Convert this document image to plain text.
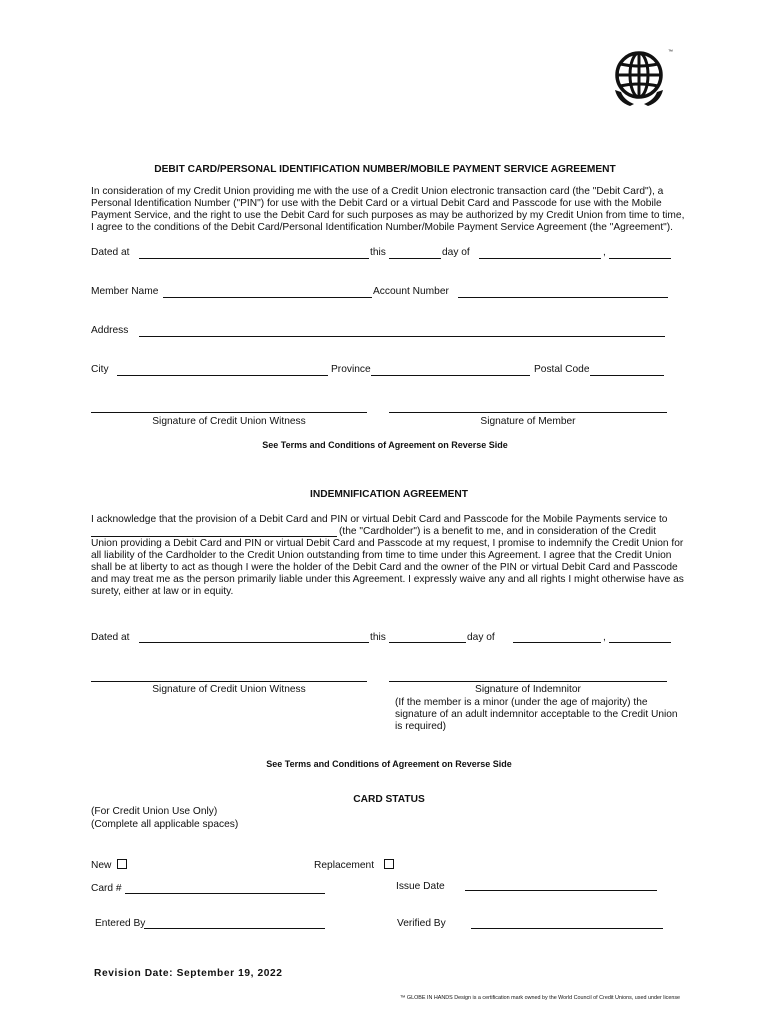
™
DEBIT CARD/PERSONAL IDENTIFICATION NUMBER/MOBILE PAYMENT SERVICE AGREEMENT
In consideration of my Credit Union providing me with the use of a Credit Union electronic transaction card (the "Debit Card"), a
Personal Identification Number ("PIN") for use with the Debit Card or a virtual Debit Card and Passcode for use with the Mobile
Payment Service, and the right to use the Debit Card for such purposes as may be authorized by my Credit Union from time to time,
I agree to the conditions of the Debit Card/Personal Identification Number/Mobile Payment Service Agreement (the "Agreement").
Dated at	this	day of	,
Member Name	Account Number
Address
City	Province	Postal Code
Signature of Credit Union Witness	Signature of Member
See Terms and Conditions of Agreement on Reverse Side
INDEMNIFICATION AGREEMENT
I acknowledge that the provision of a Debit Card and PIN or virtual Debit Card and Passcode for the Mobile Payments service to
(the "Cardholder") is a benefit to me, and in consideration of the Credit
Union providing a Debit Card and PIN or virtual Debit Card and Passcode at my request, I promise to indemnify the Credit Union for
all liability of the Cardholder to the Credit Union outstanding from time to time under this Agreement. I agree that the Credit Union
shall be at liberty to act as though I were the holder of the Debit Card and the owner of the PIN or virtual Debit Card and Passcode
and may treat me as the person primarily liable under this Agreement. I expressly waive any and all rights I might otherwise have as
surety, either at law or in equity.
Dated at	this	day of	,
Signature of Credit Union Witness	Signature of Indemnitor
(If the member is a minor (under the age of majority) the
signature of an adult indemnitor acceptable to the Credit Union
is required)
See Terms and Conditions of Agreement on Reverse Side
CARD STATUS
(For Credit Union Use Only)
(Complete all applicable spaces)
New	Replacement
Card #	Issue Date
Entered By	Verified By
Revision Date: September 19, 2022
™ GLOBE IN HANDS Design is a certification mark owned by the World Council of Credit Unions, used under license
